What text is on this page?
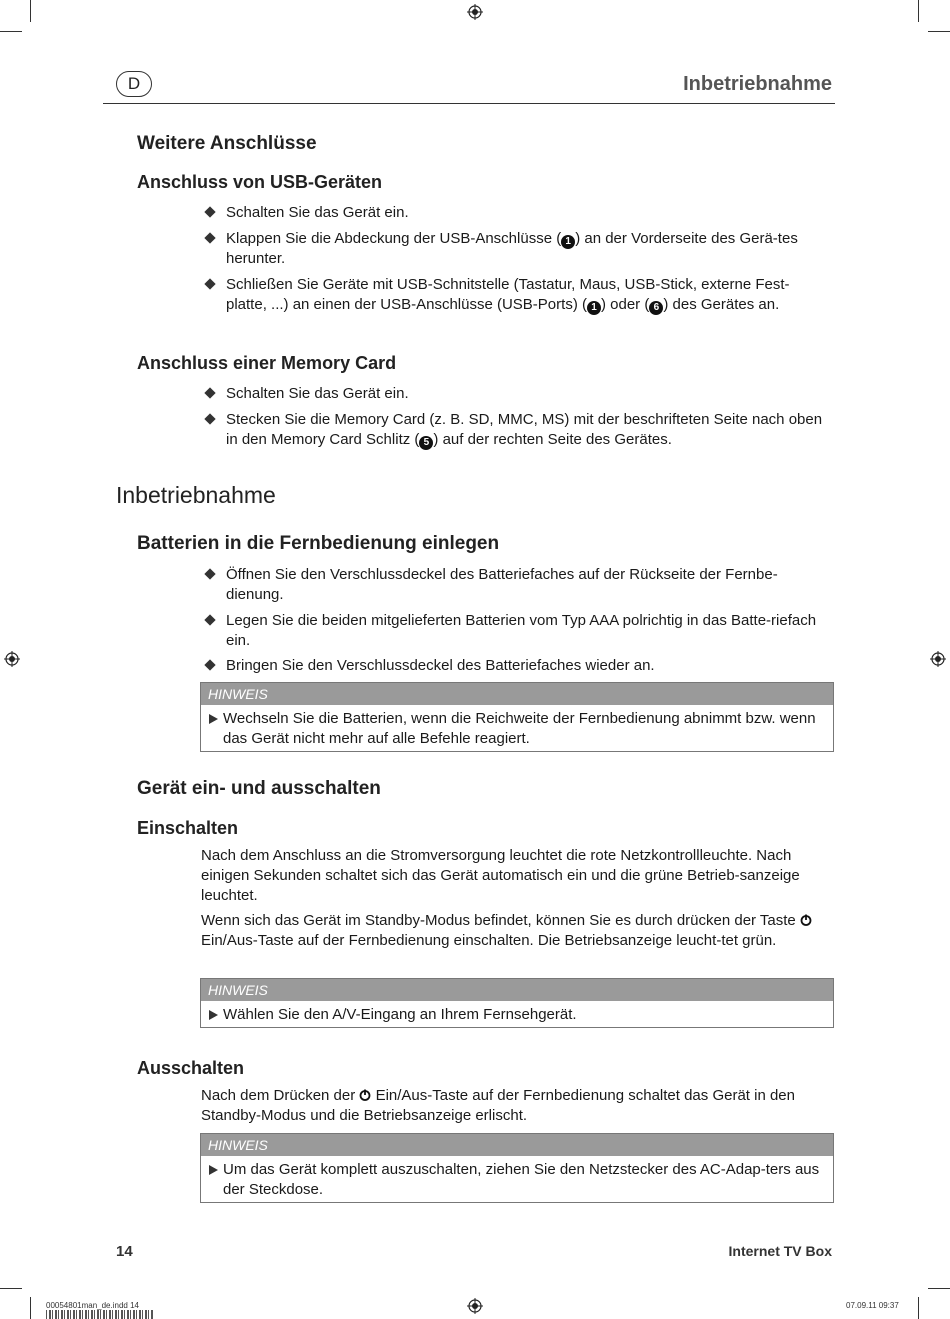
D	Inbetriebnahme
Weitere Anschlüsse
Anschluss von USB-Geräten
Schalten Sie das Gerät ein.
Klappen Sie die Abdeckung der USB-Anschlüsse ( 1 ) an der Vorderseite des Gerä-tes herunter.
Schließen Sie Geräte mit USB-Schnitstelle (Tastatur, Maus, USB-Stick, externe Fest-platte, ...) an einen der USB-Anschlüsse (USB-Ports) ( 1 ) oder ( 6 ) des Gerätes an.
Anschluss einer Memory Card
Schalten Sie das Gerät ein.
Stecken Sie die Memory Card (z. B. SD, MMC, MS) mit der beschrifteten Seite nach oben in den Memory Card Schlitz ( 5 ) auf der rechten Seite des Gerätes.
Inbetriebnahme
Batterien in die Fernbedienung einlegen
Öffnen Sie den Verschlussdeckel des Batteriefaches auf der Rückseite der Fernbe-dienung.
Legen Sie die beiden mitgelieferten Batterien vom Typ AAA polrichtig in das Batte-riefach ein.
Bringen Sie den Verschlussdeckel des Batteriefaches wieder an.
HINWEIS
Wechseln Sie die Batterien, wenn die Reichweite der Fernbedienung abnimmt bzw. wenn das Gerät nicht mehr auf alle Befehle reagiert.
Gerät ein- und ausschalten
Einschalten
Nach dem Anschluss an die Stromversorgung leuchtet die rote Netzkontrollleuchte. Nach einigen Sekunden schaltet sich das Gerät automatisch ein und die grüne Betrieb-sanzeige leuchtet.
Wenn sich das Gerät im Standby-Modus befindet, können Sie es durch drücken der Taste  Ein/Aus-Taste auf der Fernbedienung einschalten. Die Betriebsanzeige leucht-tet grün.
HINWEIS
Wählen Sie den A/V-Eingang an Ihrem Fernsehgerät.
Ausschalten
Nach dem Drücken der  Ein/Aus-Taste auf der Fernbedienung schaltet das Gerät in den Standby-Modus und die Betriebsanzeige erlischt.
HINWEIS
Um das Gerät komplett auszuschalten, ziehen Sie den Netzstecker des AC-Adap-ters aus der Steckdose.
14	Internet TV Box
00054801man_de.indd 14	07.09.11 09:37
